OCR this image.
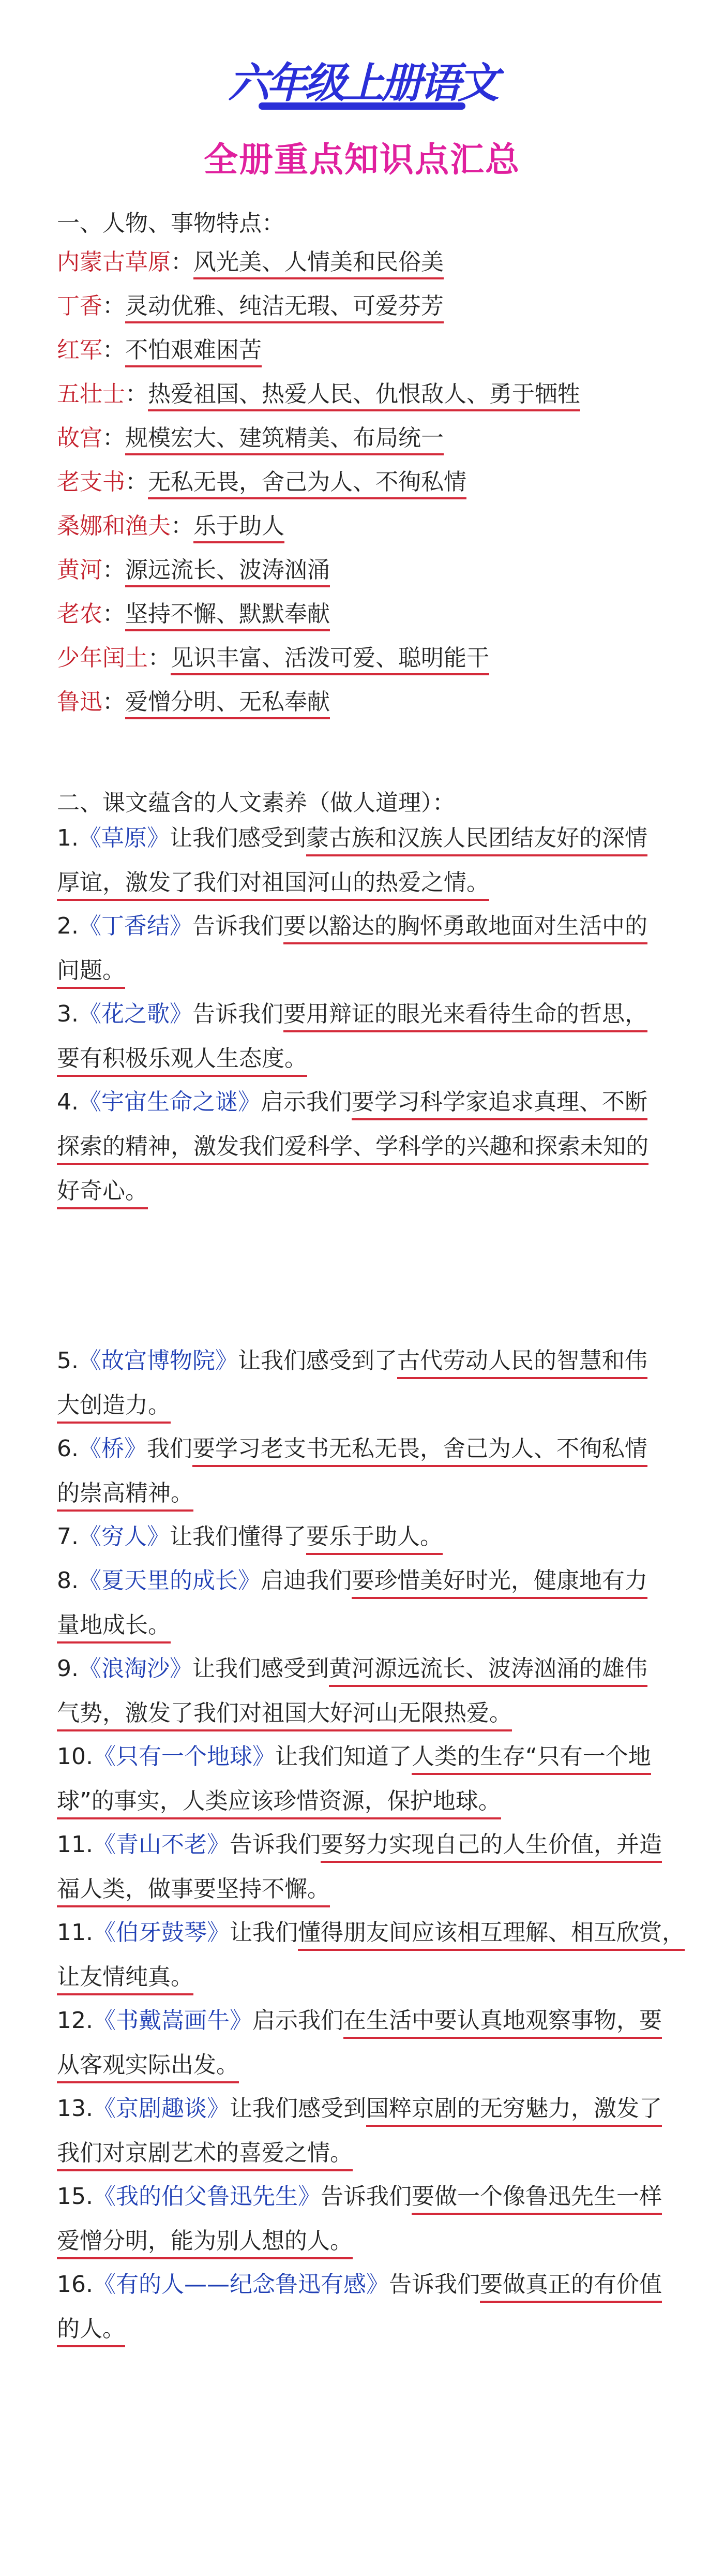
六年级上册语文
全册重点知识点汇总
一、人物、事物特点：
内蒙古草原：风光美、人情美和民俗美
丁香：灵动优雅、纯洁无瑕、可爱芬芳
红军：不怕艰难困苦
五壮士：热爱祖国、热爱人民、仇恨敌人、勇于牺牲
故宫：规模宏大、建筑精美、布局统一
老支书：无私无畏，舍己为人、不徇私情
桑娜和渔夫：乐于助人
黄河：源远流长、波涛汹涌
老农：坚持不懈、默默奉献
少年闰土：见识丰富、活泼可爱、聪明能干
鲁迅：爱憎分明、无私奉献
二、课文蕴含的人文素养（做人道理）：
1.《草原》让我们感受到蒙古族和汉族人民团结友好的深情
厚谊，激发了我们对祖国河山的热爱之情。
2.《丁香结》告诉我们要以豁达的胸怀勇敢地面对生活中的
问题。
3.《花之歌》告诉我们要用辩证的眼光来看待生命的哲思，
要有积极乐观人生态度。
4.《宇宙生命之谜》启示我们要学习科学家追求真理、不断
探索的精神，激发我们爱科学、学科学的兴趣和探索未知的
好奇心。
5.《故宫博物院》让我们感受到了古代劳动人民的智慧和伟
大创造力。
6.《桥》我们要学习老支书无私无畏，舍己为人、不徇私情
的崇高精神。
7.《穷人》让我们懂得了要乐于助人。
8.《夏天里的成长》启迪我们要珍惜美好时光，健康地有力
量地成长。
9.《浪淘沙》让我们感受到黄河源远流长、波涛汹涌的雄伟
气势，激发了我们对祖国大好河山无限热爱。
10.《只有一个地球》让我们知道了人类的生存“只有一个地
球”的事实，人类应该珍惜资源，保护地球。
11.《青山不老》告诉我们要努力实现自己的人生价值，并造
福人类，做事要坚持不懈。
11.《伯牙鼓琴》让我们懂得朋友间应该相互理解、相互欣赏，
让友情纯真。
12.《书戴嵩画牛》启示我们在生活中要认真地观察事物，要
从客观实际出发。
13.《京剧趣谈》让我们感受到国粹京剧的无穷魅力，激发了
我们对京剧艺术的喜爱之情。
15.《我的伯父鲁迅先生》告诉我们要做一个像鲁迅先生一样
爱憎分明，能为别人想的人。
16.《有的人——纪念鲁迅有感》告诉我们要做真正的有价值
的人。
